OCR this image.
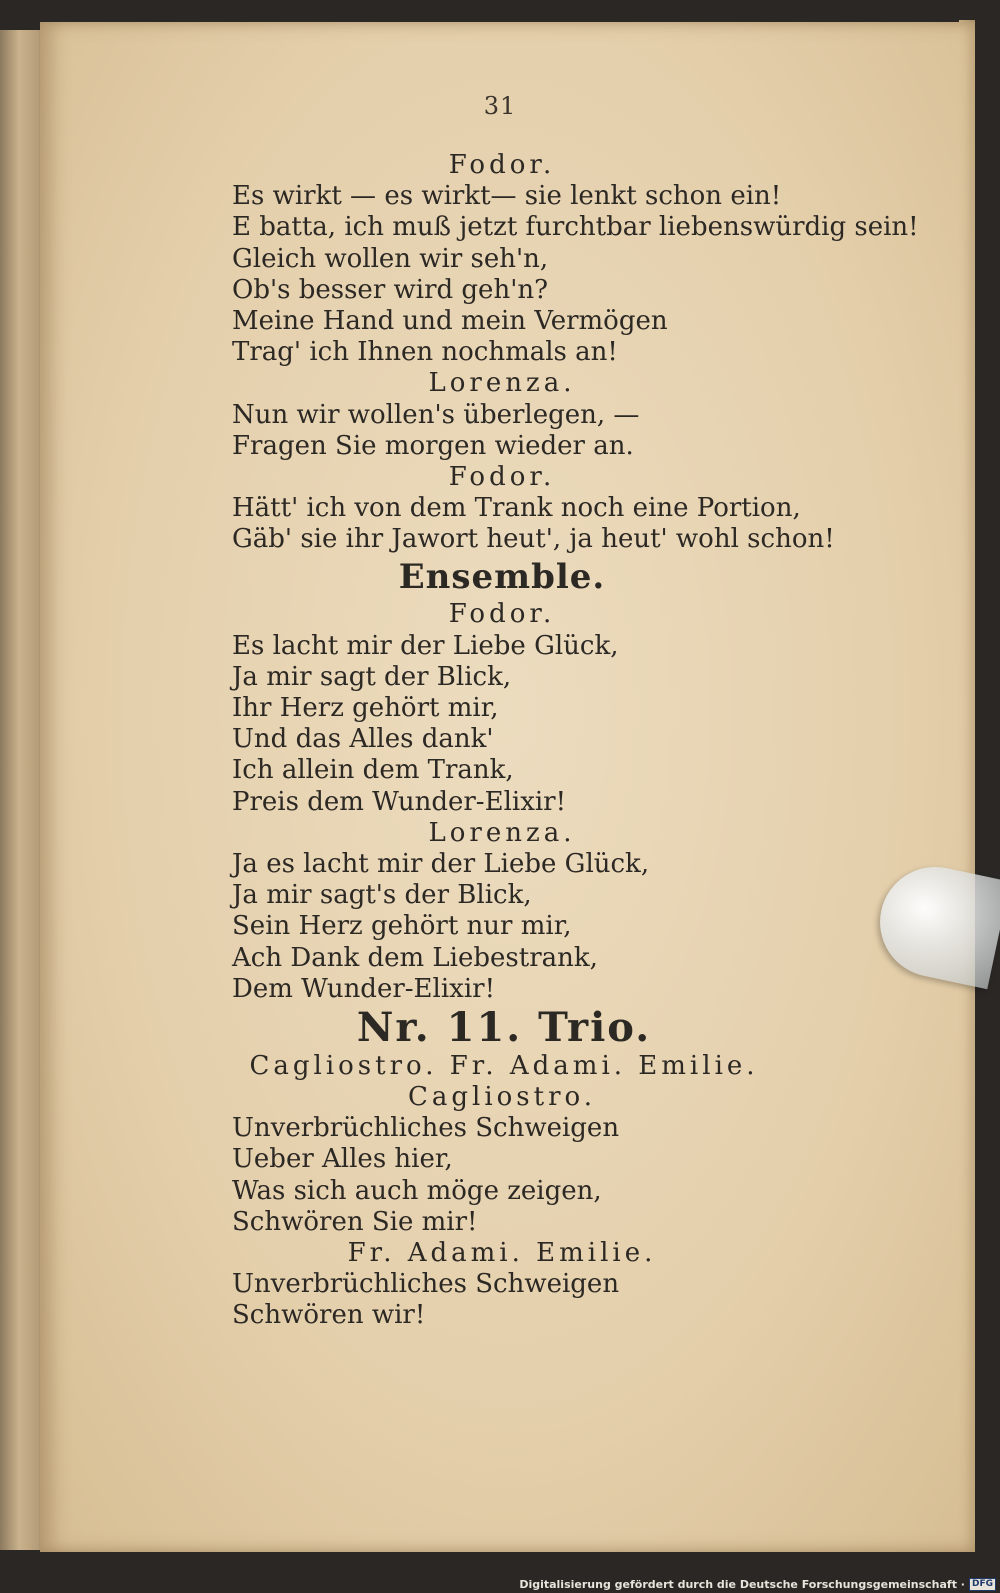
31
Fodor.
Es wirkt — es wirkt— sie lenkt schon ein!
E batta, ich muß jetzt furchtbar liebenswürdig sein!
Gleich wollen wir seh'n,
Ob's besser wird geh'n?
Meine Hand und mein Vermögen
Trag' ich Ihnen nochmals an!
Lorenza.
Nun wir wollen's überlegen, —
Fragen Sie morgen wieder an.
Fodor.
Hätt' ich von dem Trank noch eine Portion,
Gäb' sie ihr Jawort heut', ja heut' wohl schon!
Ensemble.
Fodor.
Es lacht mir der Liebe Glück,
Ja mir sagt der Blick,
Ihr Herz gehört mir,
Und das Alles dank'
Ich allein dem Trank,
Preis dem Wunder-Elixir!
Lorenza.
Ja es lacht mir der Liebe Glück,
Ja mir sagt's der Blick,
Sein Herz gehört nur mir,
Ach Dank dem Liebestrank,
Dem Wunder-Elixir!
Nr. 11. Trio.
Cagliostro. Fr. Adami. Emilie.
Cagliostro.
Unverbrüchliches Schweigen
Ueber Alles hier,
Was sich auch möge zeigen,
Schwören Sie mir!
Fr. Adami. Emilie.
Unverbrüchliches Schweigen
Schwören wir!
Digitalisierung gefördert durch die Deutsche Forschungsgemeinschaft · DFG
